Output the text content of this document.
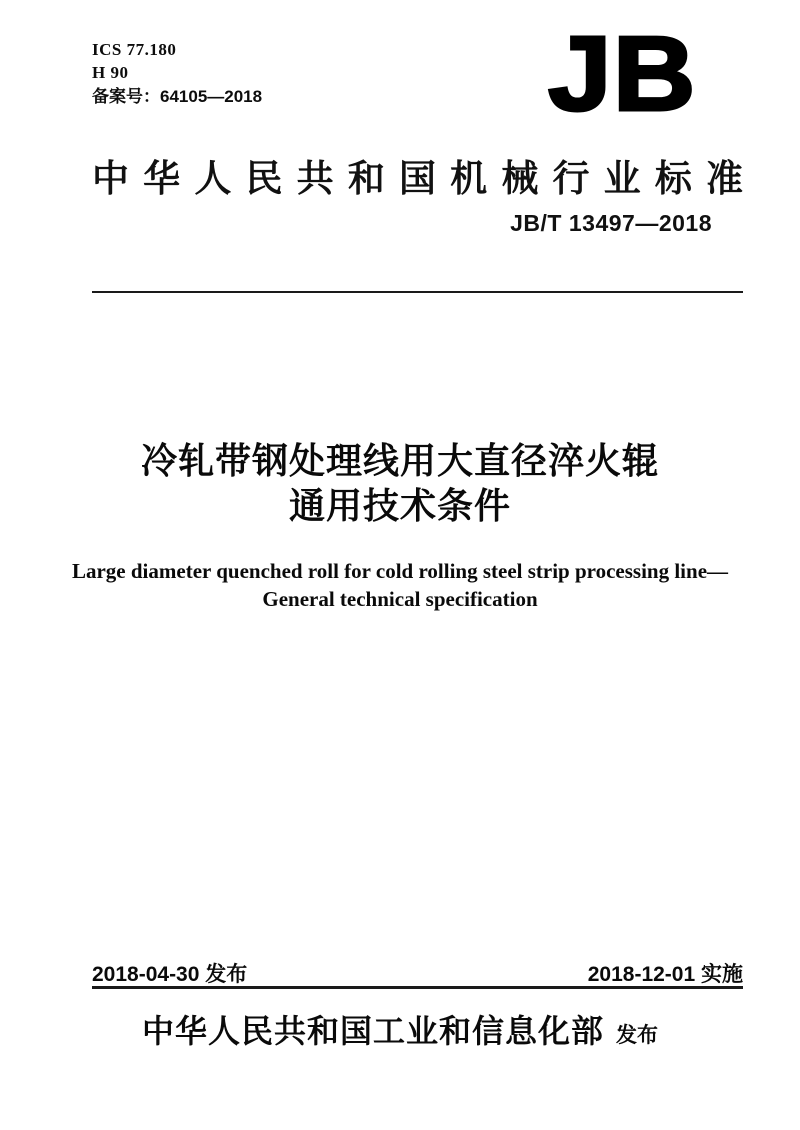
ICS 77.180
H 90
备案号：64105—2018	JB
中华人民共和国机械行业标准
JB/T 13497—2018
冷轧带钢处理线用大直径淬火辊
通用技术条件
Large diameter quenched roll for cold rolling steel strip processing line—
General technical specification
2018-04-30 发布	2018-12-01 实施
中华人民共和国工业和信息化部 发布
